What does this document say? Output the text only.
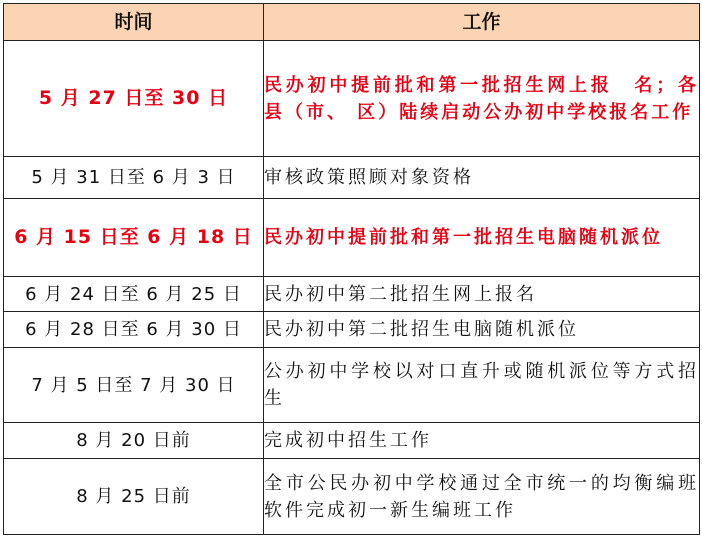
时间	工作
5 月 27 日至 30 日	民办初中提前批和第一批招生网上报　名；各县（市、 区）陆续启动公办初中学校报名工作
5 月 31 日至 6 月 3 日	审核政策照顾对象资格
6 月 15 日至 6 月 18 日	民办初中提前批和第一批招生电脑随机派位
6 月 24 日至 6 月 25 日	民办初中第二批招生网上报名
6 月 28 日至 6 月 30 日	民办初中第二批招生电脑随机派位
7 月 5 日至 7 月 30 日	公办初中学校以对口直升或随机派位等方式招生
8 月 20 日前	完成初中招生工作
8 月 25 日前	全市公民办初中学校通过全市统一的均衡编班软件完成初一新生编班工作
